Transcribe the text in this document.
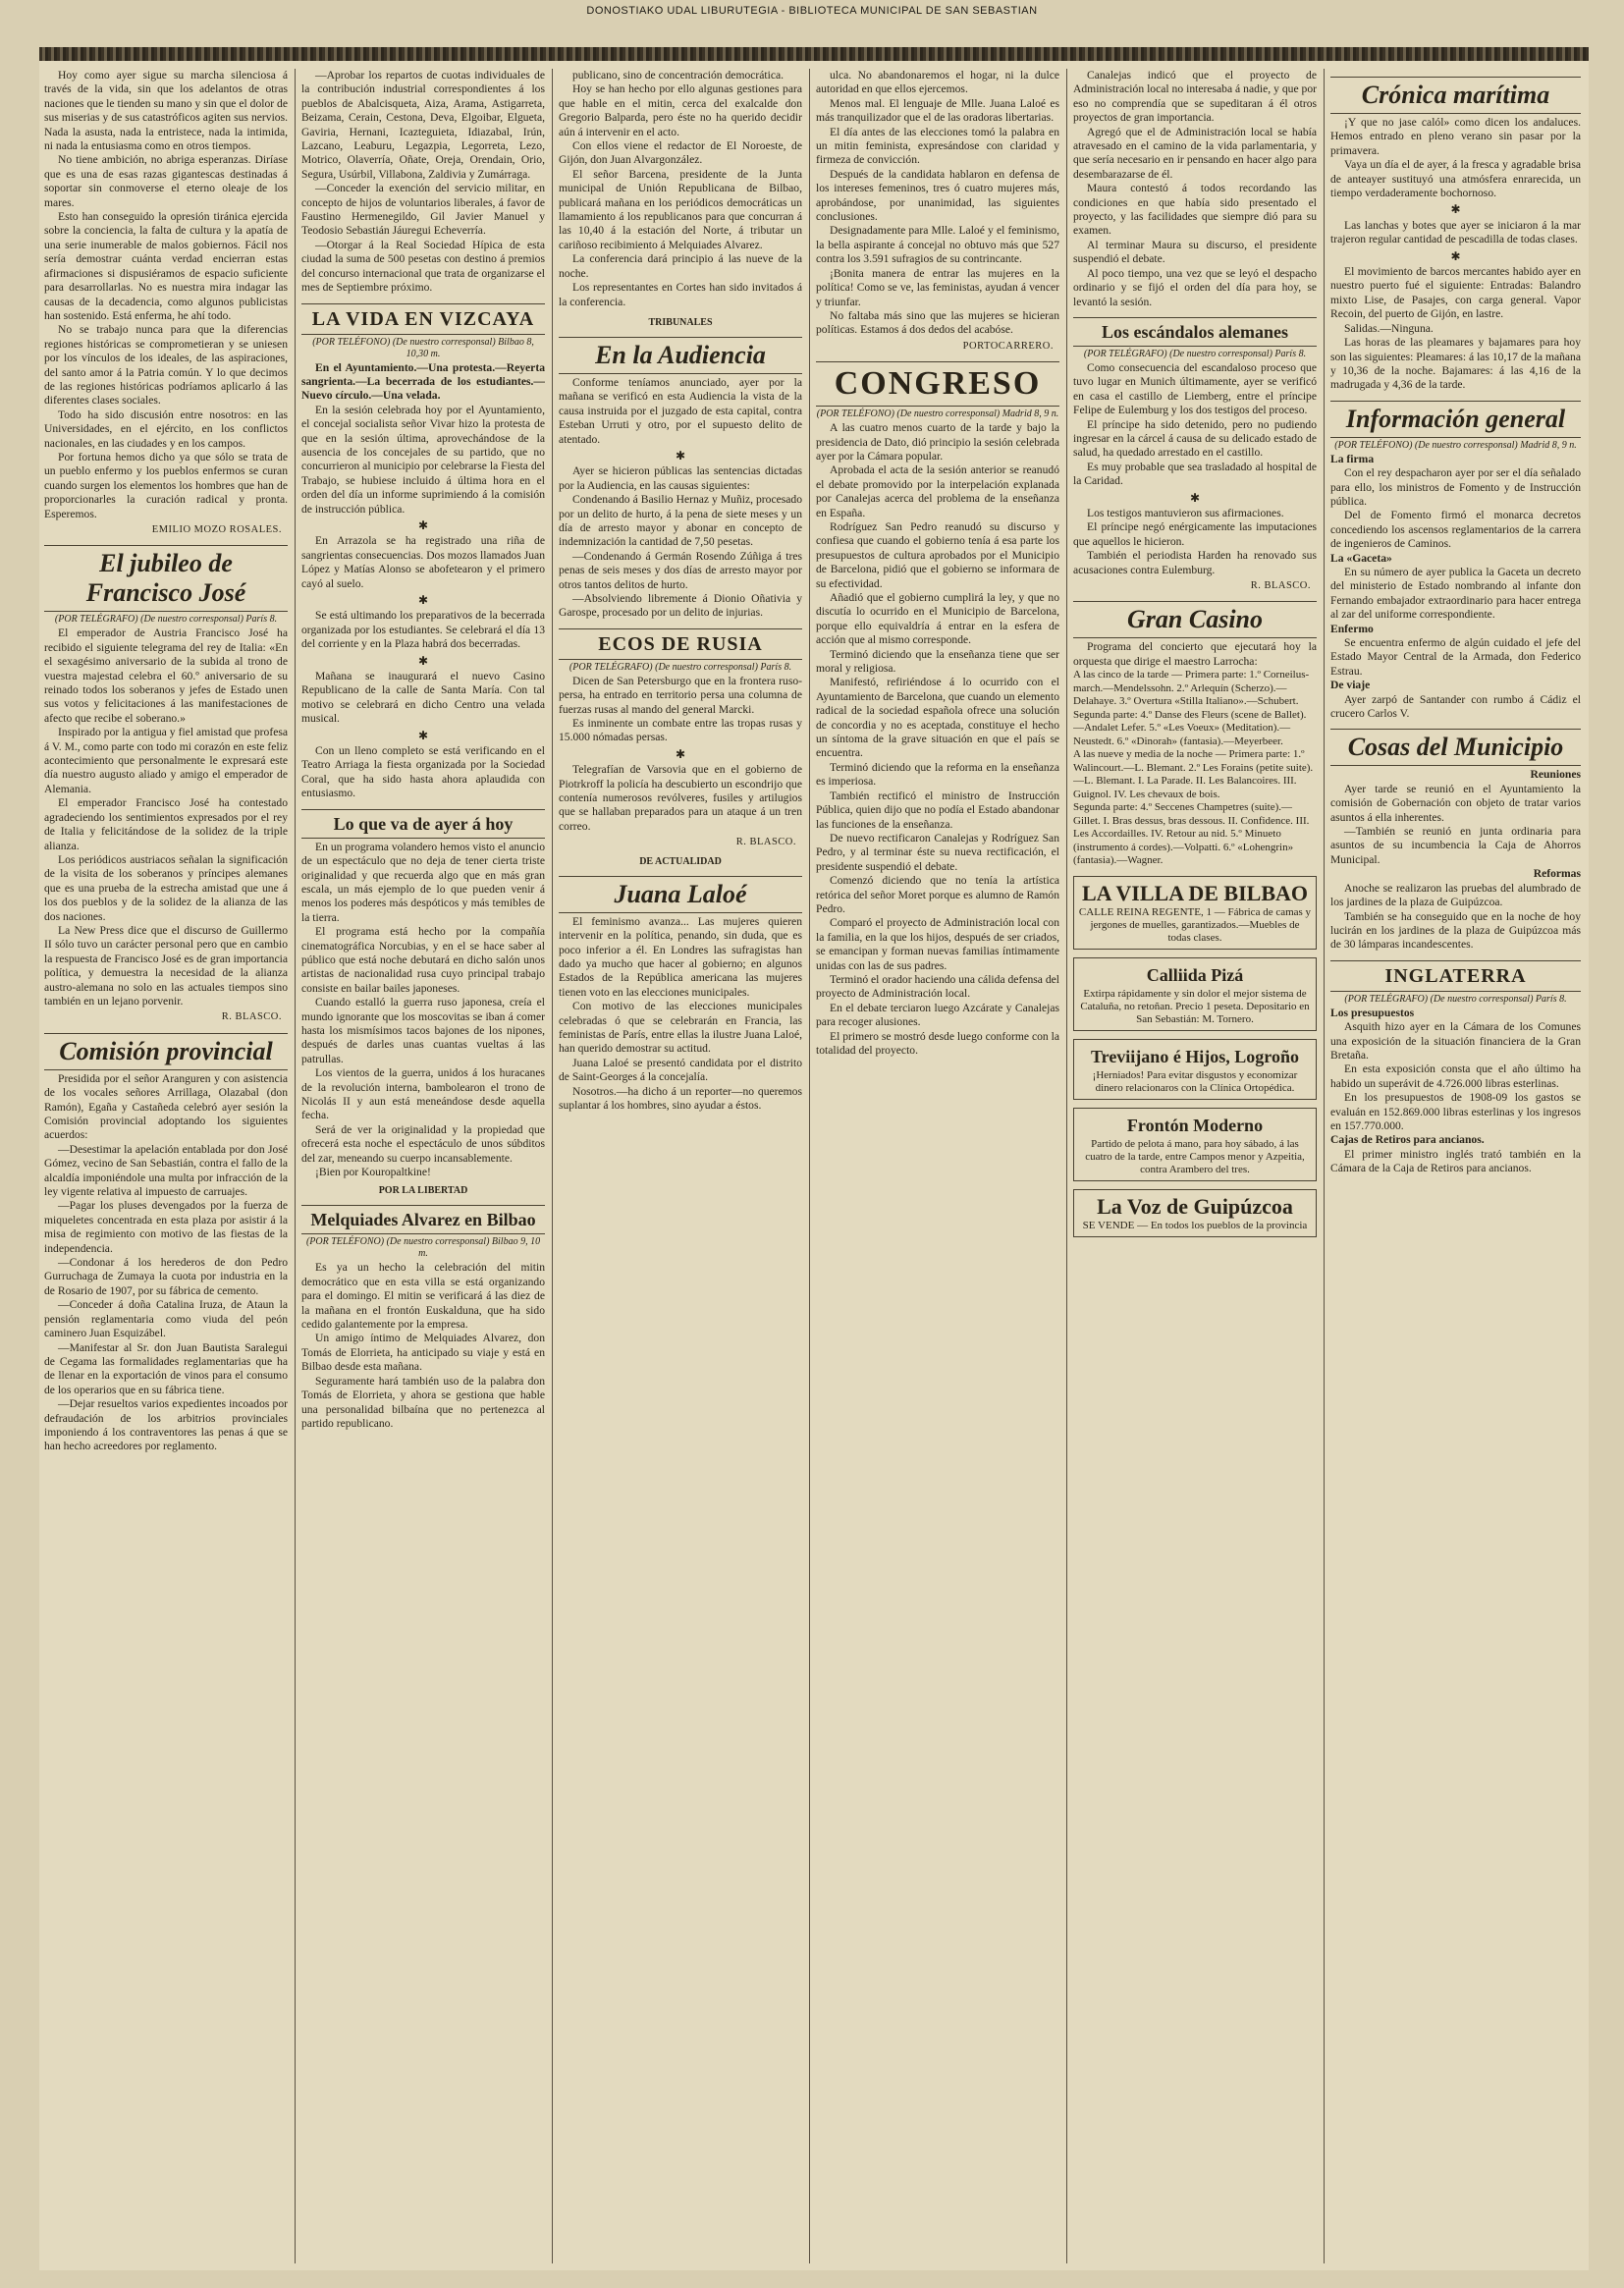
DONOSTIAKO UDAL LIBURUTEGIA - BIBLIOTECA MUNICIPAL DE SAN SEBASTIAN

Hoy como ayer sigue su marcha silenciosa á través de la vida, sin que los adelantos de otras naciones que le tienden su mano y sin que el dolor de sus miserias y de sus catastróficos agiten sus nervios. Nada la asusta, nada la entristece, nada la intimida, ni nada la entusiasma como en otros tiempos.

No tiene ambición, no abriga esperanzas. Diríase que es una de esas razas gigantescas destinadas á soportar sin conmoverse el eterno oleaje de los mares.

Esto han conseguido la opresión tiránica ejercida sobre la conciencia, la falta de cultura y la apatía de una serie inumerable de malos gobiernos. Fácil nos sería demostrar cuánta verdad encierran estas afirmaciones si dispusiéramos de espacio suficiente para desarrollarlas. No es nuestra mira indagar las causas de la decadencia, como algunos publicistas han sostenido. Está enferma, he ahí todo.

No se trabajo nunca para que la diferencias regiones históricas se comprometieran y se uniesen por los vínculos de los ideales, de las aspiraciones, del santo amor á la Patria común. Y lo que decimos de las regiones históricas podríamos aplicarlo á las diferentes clases sociales.

Todo ha sido discusión entre nosotros: en las Universidades, en el ejército, en los conflictos nacionales, en las ciudades y en los campos.

Por fortuna hemos dicho ya que sólo se trata de un pueblo enfermo y los pueblos enfermos se curan cuando surgen los elementos los hombres que han de proporcionarles la curación radical y pronta. Esperemos.

EMILIO MOZO ROSALES.
El jubileo de Francisco José
(POR TELÉGRAFO) (De nuestro corresponsal) París 8.

El emperador de Austria Francisco José ha recibido el siguiente telegrama del rey de Italia: «En el sexagésimo aniversario de la subida al trono de vuestra majestad celebra el 60.º aniversario de su reinado todos los soberanos y jefes de Estado unen sus votos y felicitaciones á las manifestaciones de afecto que recibe el soberano.»

Inspirado por la antigua y fiel amistad que profesa á V. M., como parte con todo mi corazón en este feliz acontecimiento que personalmente le expresará este día nuestro augusto aliado y amigo el emperador de Alemania.

El emperador Francisco José ha contestado agradeciendo los sentimientos expresados por el rey de Italia y felicitándose de la solidez de la triple alianza.

Los periódicos austriacos señalan la significación de la visita de los soberanos y príncipes alemanes que es una prueba de la estrecha amistad que une á los dos pueblos y de la solidez de la alianza de las dos naciones.

La New Press dice que el discurso de Guillermo II sólo tuvo un carácter personal pero que en cambio la respuesta de Francisco José es de gran importancia política, y demuestra la necesidad de la alianza austro-alemana no solo en las actuales tiempos sino también en un lejano porvenir.

R. BLASCO.
Comisión provincial

Presidida por el señor Aranguren y con asistencia de los vocales señores Arrillaga, Olazabal (don Ramón), Egaña y Castañeda celebró ayer sesión la Comisión provincial adoptando los siguientes acuerdos:

—Desestimar la apelación entablada por don José Gómez, vecino de San Sebastián, contra el fallo de la alcaldía imponiéndole una multa por infracción de la ley vigente relativa al impuesto de carruajes.

—Pagar los pluses devengados por la fuerza de miqueletes concentrada en esta plaza por asistir á la misa de regimiento con motivo de las fiestas de la independencia.

—Condonar á los herederos de don Pedro Gurruchaga de Zumaya la cuota por industria en la de Rosario de 1907, por su fábrica de cemento.

—Conceder á doña Catalina Iruza, de Ataun la pensión reglamentaria como viuda del peón caminero Juan Esquizábel.

—Manifestar al Sr. don Juan Bautista Saralegui de Cegama las formalidades reglamentarias que ha de llenar en la exportación de vinos para el consumo de los operarios que en su fábrica tiene.

—Dejar resueltos varios expedientes incoados por defraudación de los arbitrios provinciales imponiendo á los contraventores las penas á que se han hecho acreedores por reglamento.

—Aprobar los repartos de cuotas individuales de la contribución industrial correspondientes á los pueblos de Abalcisqueta, Aiza, Arama, Astigarreta, Beizama, Cerain, Cestona, Deva, Elgoibar, Elgueta, Gaviria, Hernani, Icazteguieta, Idiazabal, Irún, Lazcano, Leaburu, Legazpia, Legorreta, Lezo, Motrico, Olaverría, Oñate, Oreja, Orendain, Orio, Segura, Usúrbil, Villabona, Zaldivia y Zumárraga.

—Conceder la exención del servicio militar, en concepto de hijos de voluntarios liberales, á favor de Faustino Hermenegildo, Gil Javier Manuel y Teodosio Sebastián Jáuregui Echeverría.

—Otorgar á la Real Sociedad Hípica de esta ciudad la suma de 500 pesetas con destino á premios del concurso internacional que trata de organizarse el mes de Septiembre próximo.

LA VIDA EN VIZCAYA
(POR TELÉFONO) (De nuestro corresponsal) Bilbao 8, 10,30 m.

En el Ayuntamiento.—Una protesta.—Reyerta sangrienta.—La becerrada de los estudiantes.—Nuevo círculo.—Una velada.

En la sesión celebrada hoy por el Ayuntamiento, el concejal socialista señor Vivar hizo la protesta de que en la sesión última, aprovechándose de la ausencia de los concejales de su partido, que no concurrieron al municipio por celebrarse la Fiesta del Trabajo, se hubiese incluido á última hora en el orden del día un informe suprimiendo á la comisión de instrucción pública.

✱

En Arrazola se ha registrado una riña de sangrientas consecuencias. Dos mozos llamados Juan López y Matías Alonso se abofetearon y el primero cayó al suelo.

✱

Se está ultimando los preparativos de la becerrada organizada por los estudiantes. Se celebrará el día 13 del corriente y en la Plaza habrá dos becerradas.

✱

Mañana se inaugurará el nuevo Casino Republicano de la calle de Santa María. Con tal motivo se celebrará en dicho Centro una velada musical.

✱

Con un lleno completo se está verificando en el Teatro Arriaga la fiesta organizada por la Sociedad Coral, que ha sido hasta ahora aplaudida con entusiasmo.

Lo que va de ayer á hoy

En un programa volandero hemos visto el anuncio de un espectáculo que no deja de tener cierta triste originalidad y que recuerda algo que en más gran escala, un más ejemplo de lo que pueden venir á menos los poderes más despóticos y más temibles de la tierra.

El programa está hecho por la compañía cinematográfica Norcubias, y en el se hace saber al público que está noche debutará en dicho salón unos artistas de nacionalidad rusa cuyo principal trabajo consiste en bailar bailes japoneses.

Cuando estalló la guerra ruso japonesa, creía el mundo ignorante que los moscovitas se iban á comer hasta los mismísimos tacos bajones de los nipones, después de darles unas cuantas vueltas á las patrullas.

Los vientos de la guerra, unidos á los huracanes de la revolución interna, bambolearon el trono de Nicolás II y aun está meneándose desde aquella fecha.

Será de ver la originalidad y la propiedad que ofrecerá esta noche el espectáculo de unos súbditos del zar, meneando su cuerpo incansablemente.

¡Bien por Kouropaltkine!

POR LA LIBERTAD
Melquiades Alvarez en Bilbao
(POR TELÉFONO) (De nuestro corresponsal) Bilbao 9, 10 m.

Es ya un hecho la celebración del mitin democrático que en esta villa se está organizando para el domingo. El mitin se verificará á las diez de la mañana en el frontón Euskalduna, que ha sido cedido galantemente por la empresa.

Un amigo íntimo de Melquiades Alvarez, don Tomás de Elorrieta, ha anticipado su viaje y está en Bilbao desde esta mañana.

Seguramente hará también uso de la palabra don Tomás de Elorrieta, y ahora se gestiona que hable una personalidad bilbaína que no pertenezca al partido republicano.

publicano, sino de concentración democrática.

Hoy se han hecho por ello algunas gestiones para que hable en el mitin, cerca del exalcalde don Gregorio Balparda, pero éste no ha querido decidir aún á intervenir en el acto.

Con ellos viene el redactor de El Noroeste, de Gijón, don Juan Alvargonzález.

El señor Barcena, presidente de la Junta municipal de Unión Republicana de Bilbao, publicará mañana en los periódicos democráticas un llamamiento á los republicanos para que concurran á las 10,40 á la estación del Norte, á tributar un cariñoso recibimiento á Melquiades Alvarez.

La conferencia dará principio á las nueve de la noche.

Los representantes en Cortes han sido invitados á la conferencia.

TRIBUNALES
En la Audiencia

Conforme teníamos anunciado, ayer por la mañana se verificó en esta Audiencia la vista de la causa instruida por el juzgado de esta capital, contra Esteban Urruti y otro, por el supuesto delito de atentado.

✱

Ayer se hicieron públicas las sentencias dictadas por la Audiencia, en las causas siguientes:

Condenando á Basilio Hernaz y Muñiz, procesado por un delito de hurto, á la pena de siete meses y un día de arresto mayor y abonar en concepto de indemnización la cantidad de 7,50 pesetas.

—Condenando á Germán Rosendo Zúñiga á tres penas de seis meses y dos días de arresto mayor por otros tantos delitos de hurto.

—Absolviendo libremente á Dionio Oñativia y Garospe, procesado por un delito de injurias.

ECOS DE RUSIA
(POR TELÉGRAFO) (De nuestro corresponsal) París 8.

Dicen de San Petersburgo que en la frontera ruso-persa, ha entrado en territorio persa una columna de fuerzas rusas al mando del general Marcki.

Es inminente un combate entre las tropas rusas y 15.000 nómadas persas.

✱

Telegrafían de Varsovia que en el gobierno de Piotrkroff la policía ha descubierto un escondrijo que contenía numerosos revólveres, fusiles y artilugios que se hallaban preparados para un ataque á un tren correo.

R. BLASCO.
DE ACTUALIDAD
Juana Laloé

El feminismo avanza... Las mujeres quieren intervenir en la política, penando, sin duda, que es poco inferior a él. En Londres las sufragistas han dado ya mucho que hacer al gobierno; en algunos Estados de la República americana las mujeres tienen voto en las elecciones municipales.

Con motivo de las elecciones municipales celebradas ó que se celebrarán en Francia, las feministas de París, entre ellas la ilustre Juana Laloé, han querido demostrar su actitud.

Juana Laloé se presentó candidata por el distrito de Saint-Georges á la concejalía.

Nosotros.—ha dicho á un reporter—no queremos suplantar á los hombres, sino ayudar a éstos.

ulca. No abandonaremos el hogar, ni la dulce autoridad en que ellos ejercemos.

Menos mal. El lenguaje de Mlle. Juana Laloé es más tranquilizador que el de las oradoras libertarias.

El día antes de las elecciones tomó la palabra en un mitin feminista, expresándose con claridad y firmeza de convicción.

Después de la candidata hablaron en defensa de los intereses femeninos, tres ó cuatro mujeres más, aprobándose, por unanimidad, las siguientes conclusiones.

Designadamente para Mlle. Laloé y el feminismo, la bella aspirante á concejal no obtuvo más que 527 contra los 3.591 sufragios de su contrincante.

¡Bonita manera de entrar las mujeres en la política! Como se ve, las feministas, ayudan á vencer y triunfar.

No faltaba más sino que las mujeres se hicieran políticas. Estamos á dos dedos del acabóse.

PORTOCARRERO.
CONGRESO
(POR TELÉFONO) (De nuestro corresponsal) Madrid 8, 9 n.

A las cuatro menos cuarto de la tarde y bajo la presidencia de Dato, dió principio la sesión celebrada ayer por la Cámara popular.

Aprobada el acta de la sesión anterior se reanudó el debate promovido por la interpelación explanada por Canalejas acerca del problema de la enseñanza en España.

Rodríguez San Pedro reanudó su discurso y confiesa que cuando el gobierno tenía á esa parte los presupuestos de cultura aprobados por el Municipio de Barcelona, pidió que el gobierno se informara de su efectividad.

Añadió que el gobierno cumplirá la ley, y que no discutía lo ocurrido en el Municipio de Barcelona, porque ello equivaldría á entrar en la esfera de acción que al mismo corresponde.

Terminó diciendo que la enseñanza tiene que ser moral y religiosa.

Manifestó, refiriéndose á lo ocurrido con el Ayuntamiento de Barcelona, que cuando un elemento radical de la sociedad española ofrece una solución de concordia y no es aceptada, constituye el hecho un síntoma de la grave situación en que el país se encuentra.

Terminó diciendo que la reforma en la enseñanza es imperiosa.

También rectificó el ministro de Instrucción Pública, quien dijo que no podía el Estado abandonar las funciones de la enseñanza.

De nuevo rectificaron Canalejas y Rodríguez San Pedro, y al terminar éste su nueva rectificación, el presidente suspendió el debate.

Comenzó diciendo que no tenía la artística retórica del señor Moret porque es alumno de Ramón Pedro.

Comparó el proyecto de Administración local con la familia, en la que los hijos, después de ser criados, se emancipan y forman nuevas familias íntimamente unidas con las de sus padres.

Terminó el orador haciendo una cálida defensa del proyecto de Administración local.

En el debate terciaron luego Azcárate y Canalejas para recoger alusiones.

El primero se mostró desde luego conforme con la totalidad del proyecto.

Canalejas indicó que el proyecto de Administración local no interesaba á nadie, y que por eso no comprendía que se supeditaran á él otros proyectos de gran importancia.

Agregó que el de Administración local se había atravesado en el camino de la vida parlamentaria, y que sería necesario en ir pensando en hacer algo para desembarazarse de él.

Maura contestó á todos recordando las condiciones en que había sido presentado el proyecto, y las facilidades que siempre dió para su examen.

Al terminar Maura su discurso, el presidente suspendió el debate.

Al poco tiempo, una vez que se leyó el despacho ordinario y se fijó el orden del día para hoy, se levantó la sesión.

Los escándalos alemanes
(POR TELÉGRAFO) (De nuestro corresponsal) París 8.

Como consecuencia del escandaloso proceso que tuvo lugar en Munich últimamente, ayer se verificó en casa el castillo de Liemberg, entre el príncipe Felipe de Eulemburg y los dos testigos del proceso.

El príncipe ha sido detenido, pero no pudiendo ingresar en la cárcel á causa de su delicado estado de salud, ha quedado arrestado en el castillo.

Es muy probable que sea trasladado al hospital de la Caridad.

✱

Los testigos mantuvieron sus afirmaciones.

El príncipe negó enérgicamente las imputaciones que aquellos le hicieron.

También el periodista Harden ha renovado sus acusaciones contra Eulemburg.

R. BLASCO.
Gran Casino

Programa del concierto que ejecutará hoy la orquesta que dirige el maestro Larrocha:

A las cinco de la tarde — Primera parte: 1.º Corneilus-march.—Mendelssohn. 2.º Arlequín (Scherzo).—Delahaye. 3.º Overtura «Stilla Italiano».—Schubert.
Segunda parte: 4.º Danse des Fleurs (scene de Ballet).—Andalet Lefer. 5.º «Les Voeux» (Meditation).—Neustedt. 6.º «Dinorah» (fantasia).—Meyerbeer.
A las nueve y media de la noche — Primera parte: 1.º Walincourt.—L. Blemant. 2.º Les Forains (petite suite).—L. Blemant. I. La Parade. II. Les Balancoires. III. Guignol. IV. Les chevaux de bois.
Segunda parte: 4.º Seccenes Champetres (suite).—Gillet. I. Bras dessus, bras dessous. II. Confidence. III. Les Accordailles. IV. Retour au nid. 5.º Minueto (instrumento á cordes).—Volpatti. 6.º «Lohengrin» (fantasia).—Wagner.
LA VILLA DE BILBAO
CALLE REINA REGENTE, 1 — Fábrica de camas y jergones de muelles, garantizados.—Muebles de todas clases.
Calliida Pizá
Extirpa rápidamente y sin dolor el mejor sistema de Cataluña, no retoñan. Precio 1 peseta. Depositario en San Sebastián: M. Tornero.
Treviijano é Hijos, Logroño
¡Herniados! Para evitar disgustos y economizar dinero relacionaros con la Clínica Ortopédica.
Frontón Moderno
Partido de pelota á mano, para hoy sábado, á las cuatro de la tarde, entre Campos menor y Azpeitia, contra Arambero del tres.
La Voz de Guipúzcoa
SE VENDE — En todos los pueblos de la provincia
Crónica marítima

¡Y que no jase calól» como dicen los andaluces. Hemos entrado en pleno verano sin pasar por la primavera.

Vaya un día el de ayer, á la fresca y agradable brisa de anteayer sustituyó una atmósfera enrarecida, un tiempo verdaderamente bochornoso.

✱

Las lanchas y botes que ayer se iniciaron á la mar trajeron regular cantidad de pescadilla de todas clases.

✱

El movimiento de barcos mercantes habido ayer en nuestro puerto fué el siguiente: Entradas: Balandro mixto Lise, de Pasajes, con carga general. Vapor Recoin, del puerto de Gijón, en lastre.

Salidas.—Ninguna.

Las horas de las pleamares y bajamares para hoy son las siguientes: Pleamares: á las 10,17 de la mañana y 10,36 de la noche. Bajamares: á las 4,16 de la madrugada y 4,36 de la tarde.

Información general
(POR TELÉFONO) (De nuestro corresponsal) Madrid 8, 9 n.
La firma

Con el rey despacharon ayer por ser el día señalado para ello, los ministros de Fomento y de Instrucción pública.

Del de Fomento firmó el monarca decretos concediendo los ascensos reglamentarios de la carrera de ingenieros de Caminos.

La «Gaceta»

En su número de ayer publica la Gaceta un decreto del ministerio de Estado nombrando al infante don Fernando embajador extraordinario para hacer entrega al zar del uniforme correspondiente.

Enfermo

Se encuentra enfermo de algún cuidado el jefe del Estado Mayor Central de la Armada, don Federico Estrau.

De viaje

Ayer zarpó de Santander con rumbo á Cádiz el crucero Carlos V.

Cosas del Municipio
Reuniones

Ayer tarde se reunió en el Ayuntamiento la comisión de Gobernación con objeto de tratar varios asuntos á ella inherentes.

—También se reunió en junta ordinaria para asuntos de su incumbencia la Caja de Ahorros Municipal.

Reformas

Anoche se realizaron las pruebas del alumbrado de los jardines de la plaza de Guipúzcoa.

También se ha conseguido que en la noche de hoy lucirán en los jardines de la plaza de Guipúzcoa más de 30 lámparas incandescentes.

INGLATERRA
(POR TELÉGRAFO) (De nuestro corresponsal) París 8.
Los presupuestos

Asquith hizo ayer en la Cámara de los Comunes una exposición de la situación financiera de la Gran Bretaña.

En esta exposición consta que el año último ha habido un superávit de 4.726.000 libras esterlinas.

En los presupuestos de 1908-09 los gastos se evaluán en 152.869.000 libras esterlinas y los ingresos en 157.770.000.

Cajas de Retiros para ancianos.

El primer ministro inglés trató también en la Cámara de la Caja de Retiros para ancianos.
